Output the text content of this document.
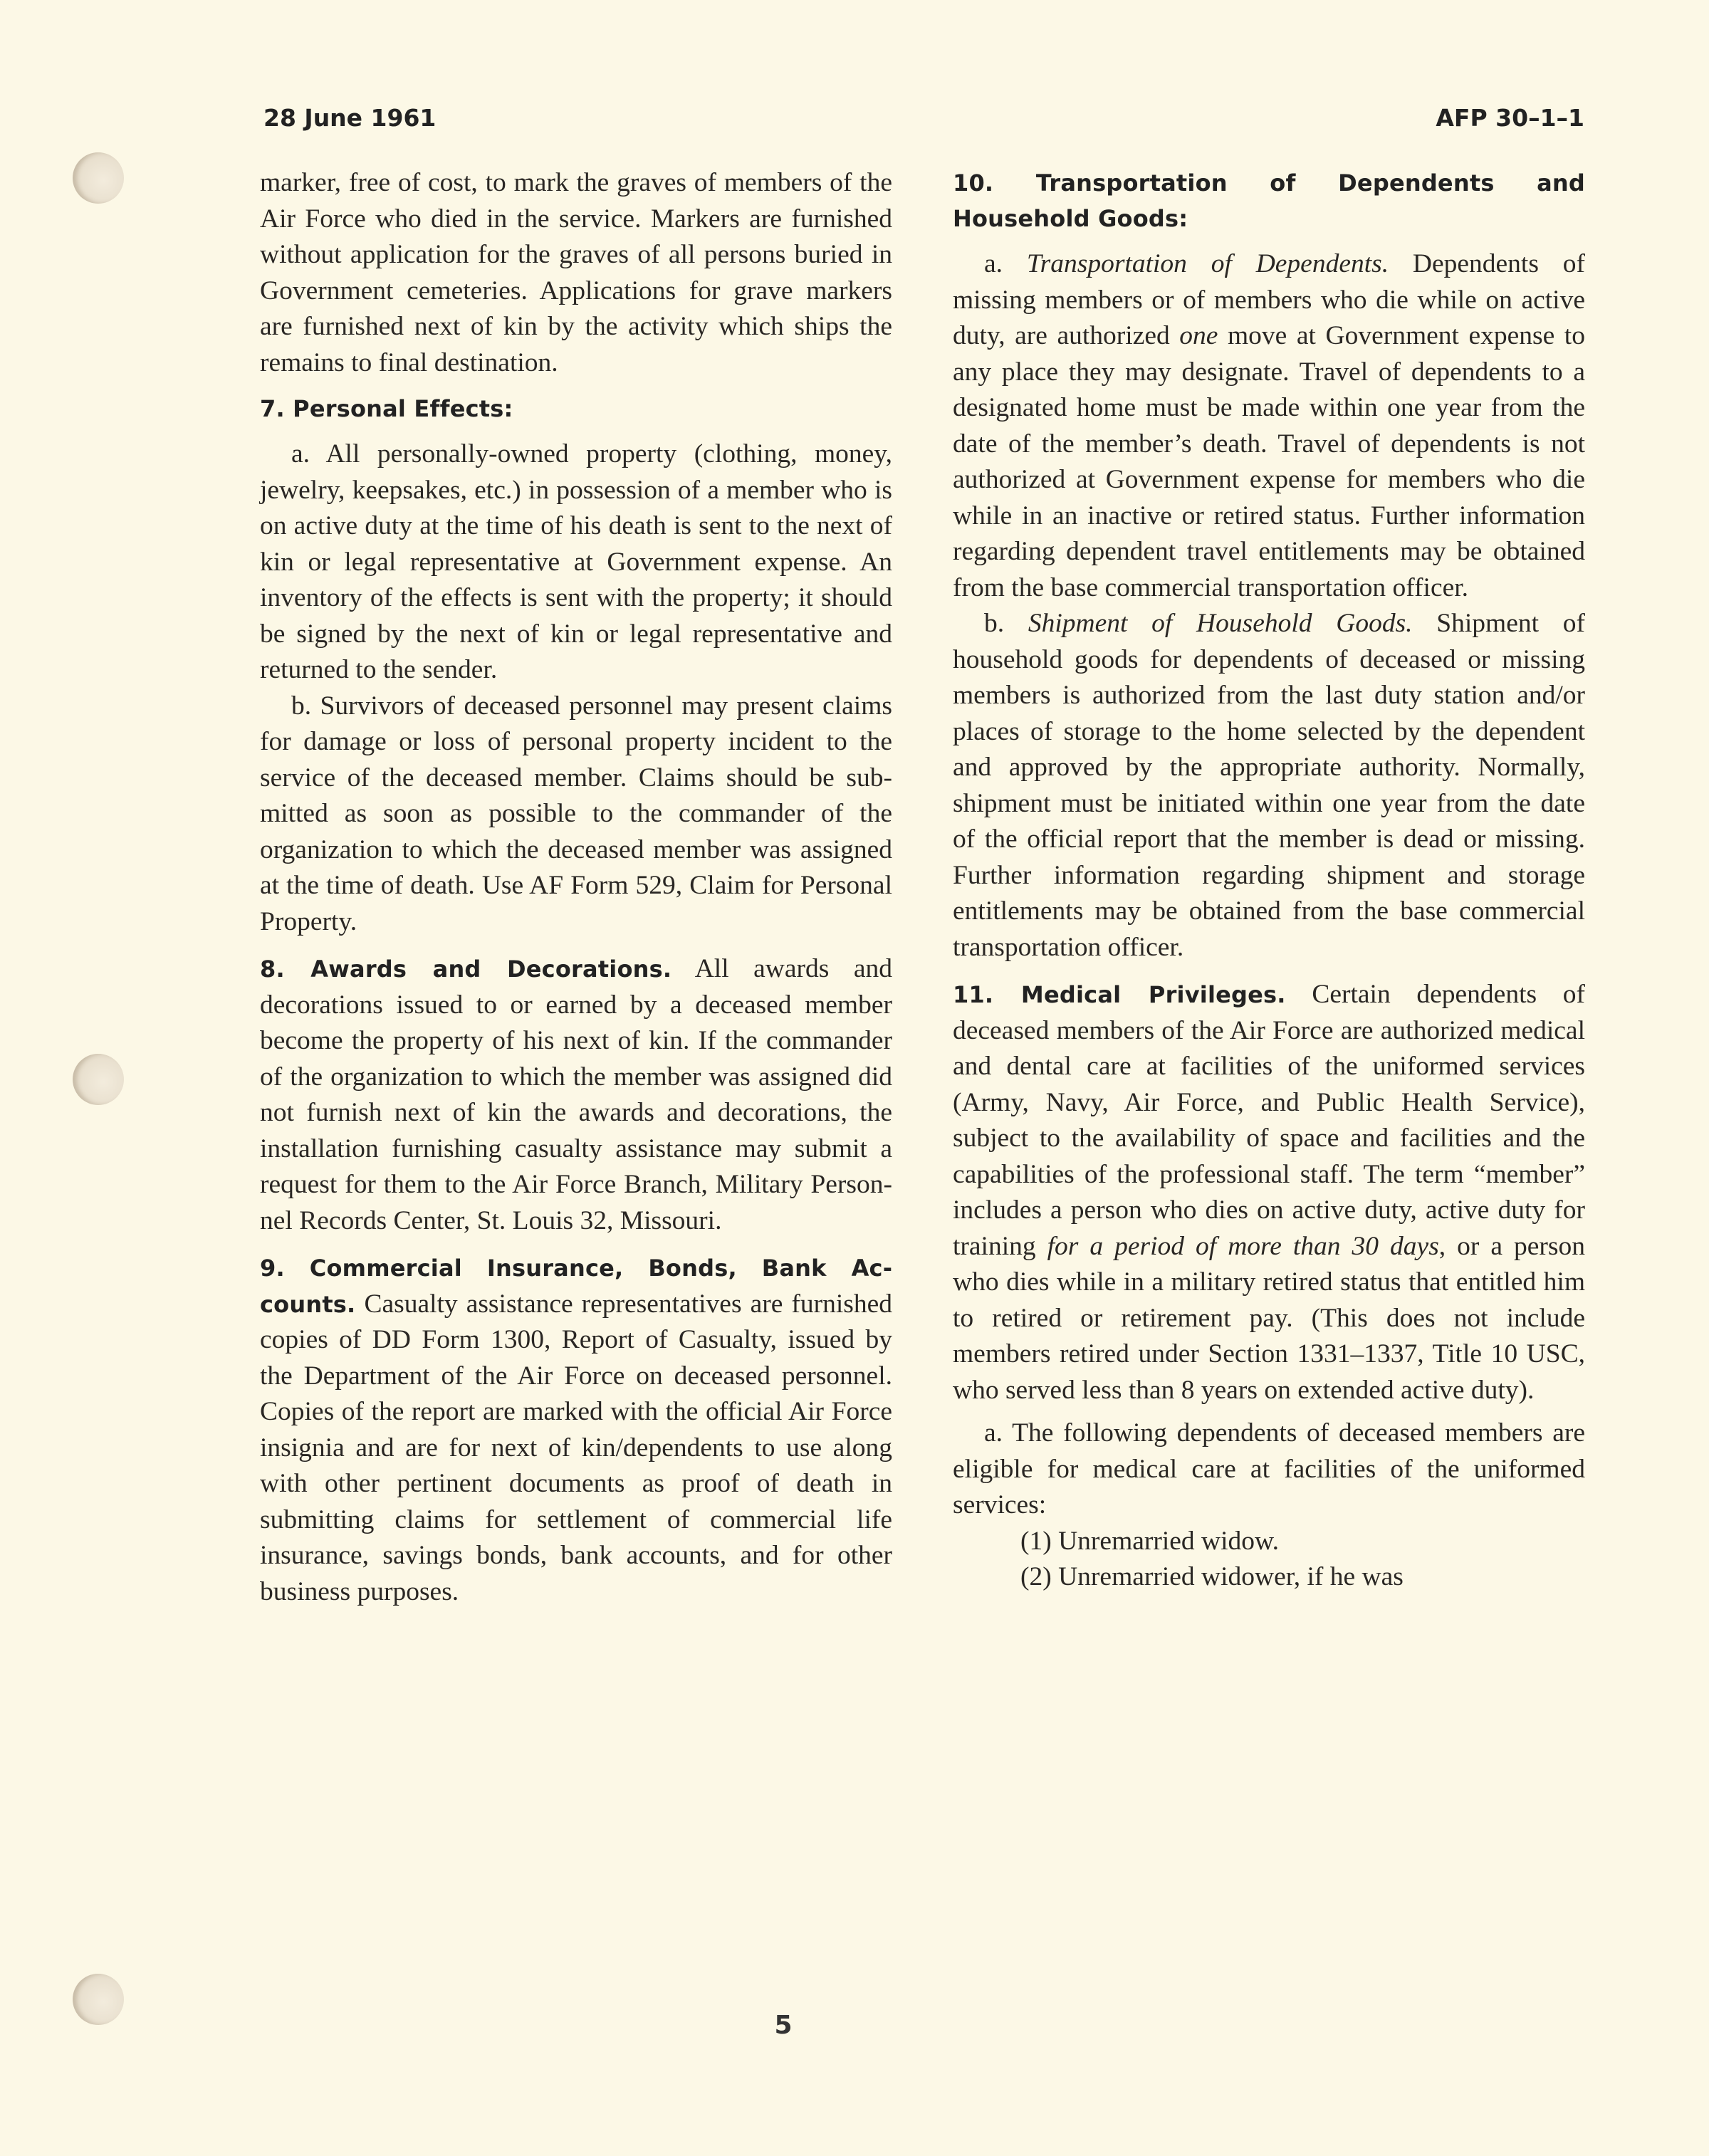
28 June 1961	AFP 30–1–1

marker, free of cost, to mark the graves of members of the Air Force who died in the service. Markers are furnished without application for the graves of all persons buried in Government cemeteries. Applications for grave markers are furnished next of kin by the activity which ships the remains to final destination.

7. Personal Effects:

a. All personally-owned property (clothing, money, jewelry, keepsakes, etc.) in possession of a member who is on active duty at the time of his death is sent to the next of kin or legal representative at Government expense. An inventory of the effects is sent with the property; it should be signed by the next of kin or legal representative and returned to the sender.

b. Survivors of deceased personnel may present claims for damage or loss of personal property incident to the service of the deceased member. Claims should be submitted as soon as possible to the commander of the organization to which the deceased member was assigned at the time of death. Use AF Form 529, Claim for Personal Property.

8. Awards and Decorations. All awards and decorations issued to or earned by a deceased member become the property of his next of kin. If the commander of the organization to which the member was assigned did not furnish next of kin the awards and decorations, the installation furnishing casualty assistance may submit a request for them to the Air Force Branch, Military Personnel Records Center, St. Louis 32, Missouri.

9. Commercial Insurance, Bonds, Bank Accounts. Casualty assistance representatives are furnished copies of DD Form 1300, Report of Casualty, issued by the Department of the Air Force on deceased personnel. Copies of the report are marked with the official Air Force insignia and are for next of kin/dependents to use along with other pertinent documents as proof of death in submitting claims for settlement of commercial life insurance, savings bonds, bank accounts, and for other business purposes.

10. Transportation of Dependents and Household Goods:

a. Transportation of Dependents. Dependents of missing members or of members who die while on active duty, are authorized one move at Government expense to any place they may designate. Travel of dependents to a designated home must be made within one year from the date of the member’s death. Travel of dependents is not authorized at Government expense for members who die while in an inactive or retired status. Further information regarding dependent travel entitlements may be obtained from the base commercial transportation officer.

b. Shipment of Household Goods. Shipment of household goods for dependents of deceased or missing members is authorized from the last duty station and/or places of storage to the home selected by the dependent and approved by the appropriate authority. Normally, shipment must be initiated within one year from the date of the official report that the member is dead or missing. Further information regarding shipment and storage entitlements may be obtained from the base commercial transportation officer.

11. Medical Privileges. Certain dependents of deceased members of the Air Force are authorized medical and dental care at facilities of the uniformed services (Army, Navy, Air Force, and Public Health Service), subject to the availability of space and facilities and the capabilities of the professional staff. The term “member” includes a person who dies on active duty, active duty for training for a period of more than 30 days, or a person who dies while in a military retired status that entitled him to retired or retirement pay. (This does not include members retired under Section 1331–1337, Title 10 USC, who served less than 8 years on extended active duty).

a. The following dependents of deceased members are eligible for medical care at facilities of the uniformed services:

(1) Unremarried widow.

(2) Unremarried widower, if he was

5
